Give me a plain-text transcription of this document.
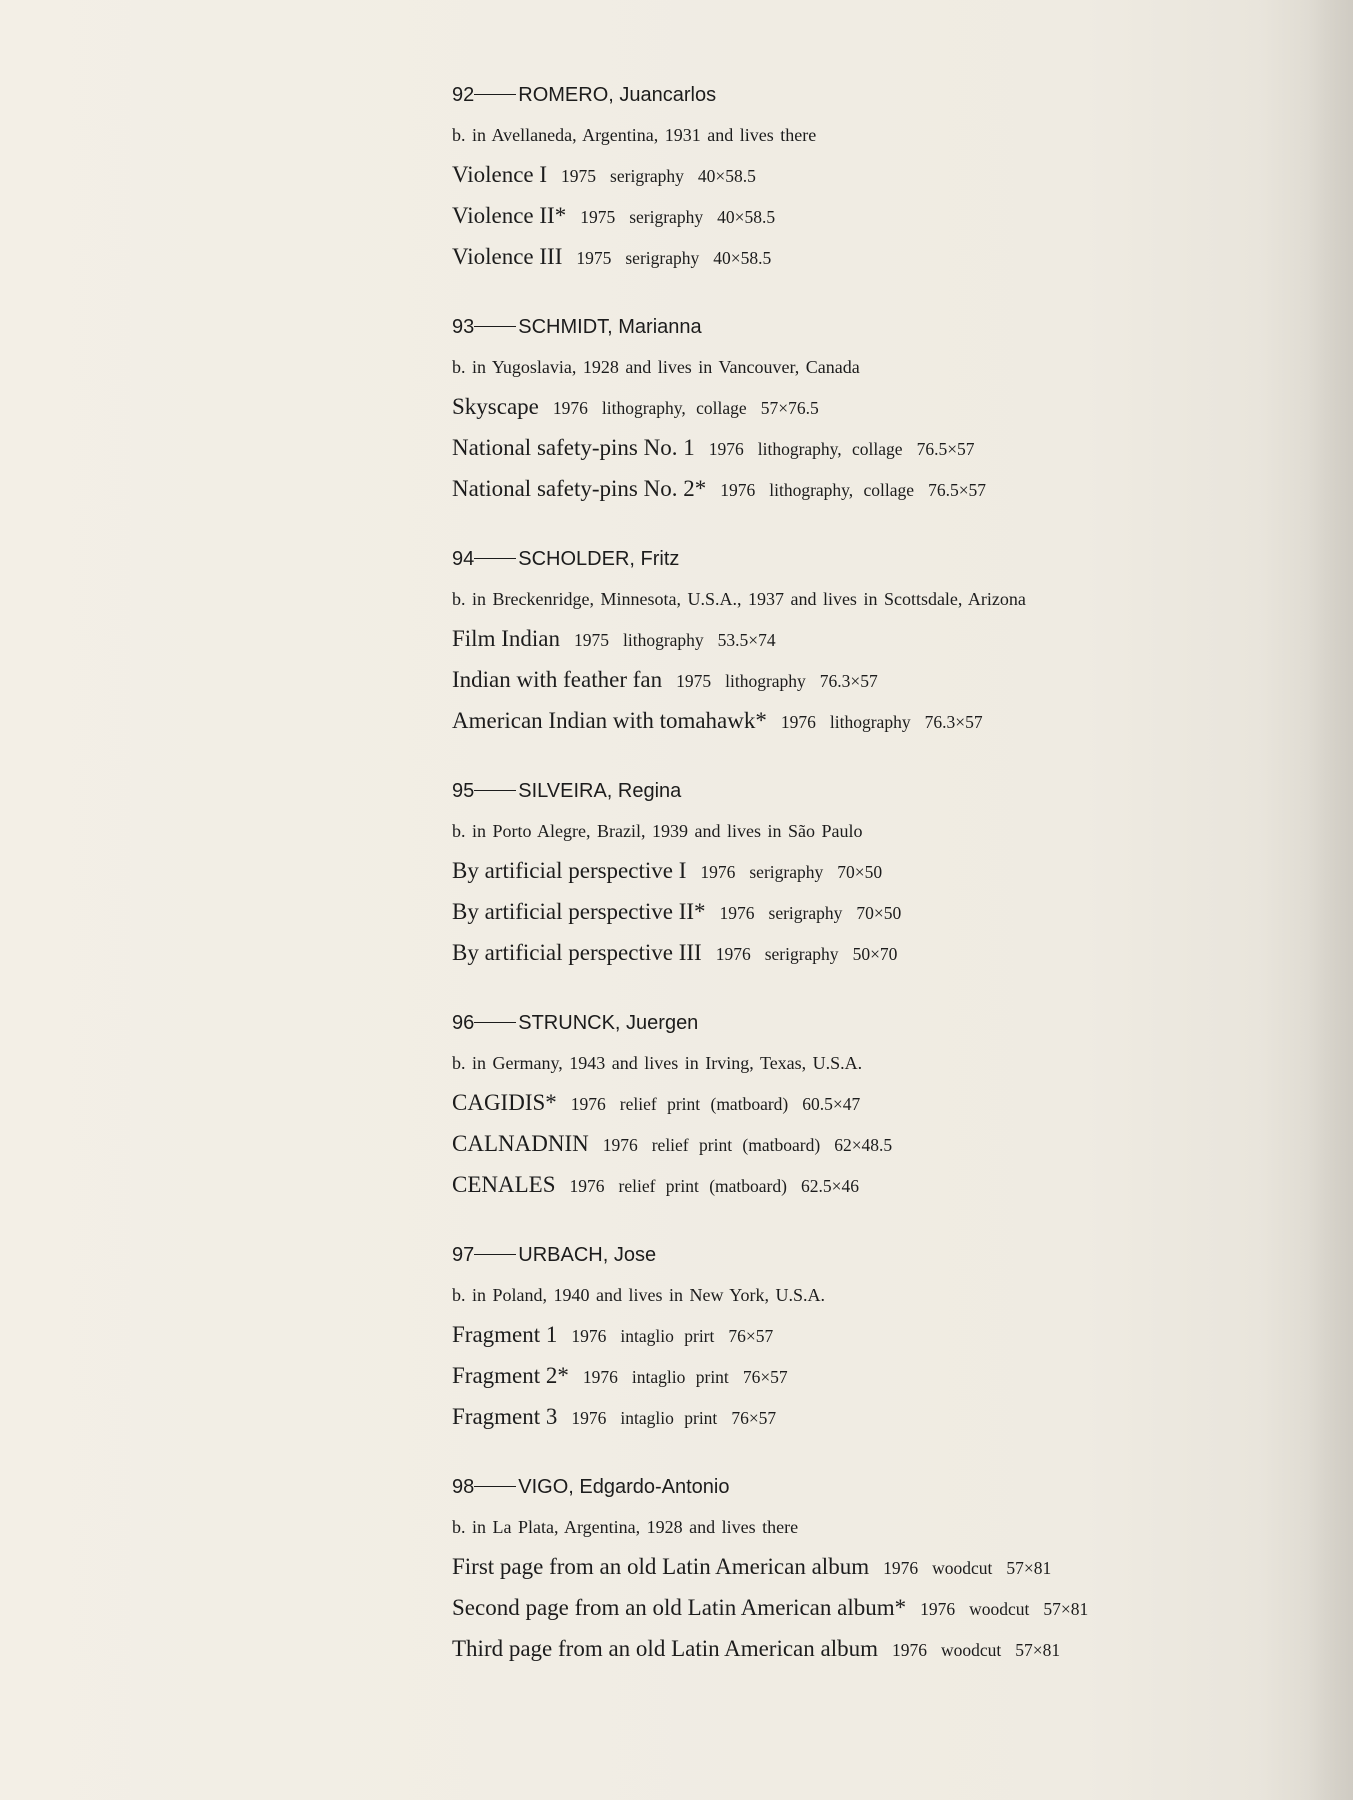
92 ROMERO, Juancarlos
b. in Avellaneda, Argentina, 1931 and lives there
Violence I 1975 serigraphy 40×58.5
Violence II* 1975 serigraphy 40×58.5
Violence III 1975 serigraphy 40×58.5
93 SCHMIDT, Marianna
b. in Yugoslavia, 1928 and lives in Vancouver, Canada
Skyscape 1976 lithography, collage 57×76.5
National safety-pins No. 1 1976 lithography, collage 76.5×57
National safety-pins No. 2* 1976 lithography, collage 76.5×57
94 SCHOLDER, Fritz
b. in Breckenridge, Minnesota, U.S.A., 1937 and lives in Scottsdale, Arizona
Film Indian 1975 lithography 53.5×74
Indian with feather fan 1975 lithography 76.3×57
American Indian with tomahawk* 1976 lithography 76.3×57
95 SILVEIRA, Regina
b. in Porto Alegre, Brazil, 1939 and lives in São Paulo
By artificial perspective I 1976 serigraphy 70×50
By artificial perspective II* 1976 serigraphy 70×50
By artificial perspective III 1976 serigraphy 50×70
96 STRUNCK, Juergen
b. in Germany, 1943 and lives in Irving, Texas, U.S.A.
CAGIDIS* 1976 relief print (matboard) 60.5×47
CALNADNIN 1976 relief print (matboard) 62×48.5
CENALES 1976 relief print (matboard) 62.5×46
97 URBACH, Jose
b. in Poland, 1940 and lives in New York, U.S.A.
Fragment 1 1976 intaglio prirt 76×57
Fragment 2* 1976 intaglio print 76×57
Fragment 3 1976 intaglio print 76×57
98 VIGO, Edgardo-Antonio
b. in La Plata, Argentina, 1928 and lives there
First page from an old Latin American album 1976 woodcut 57×81
Second page from an old Latin American album* 1976 woodcut 57×81
Third page from an old Latin American album 1976 woodcut 57×81
